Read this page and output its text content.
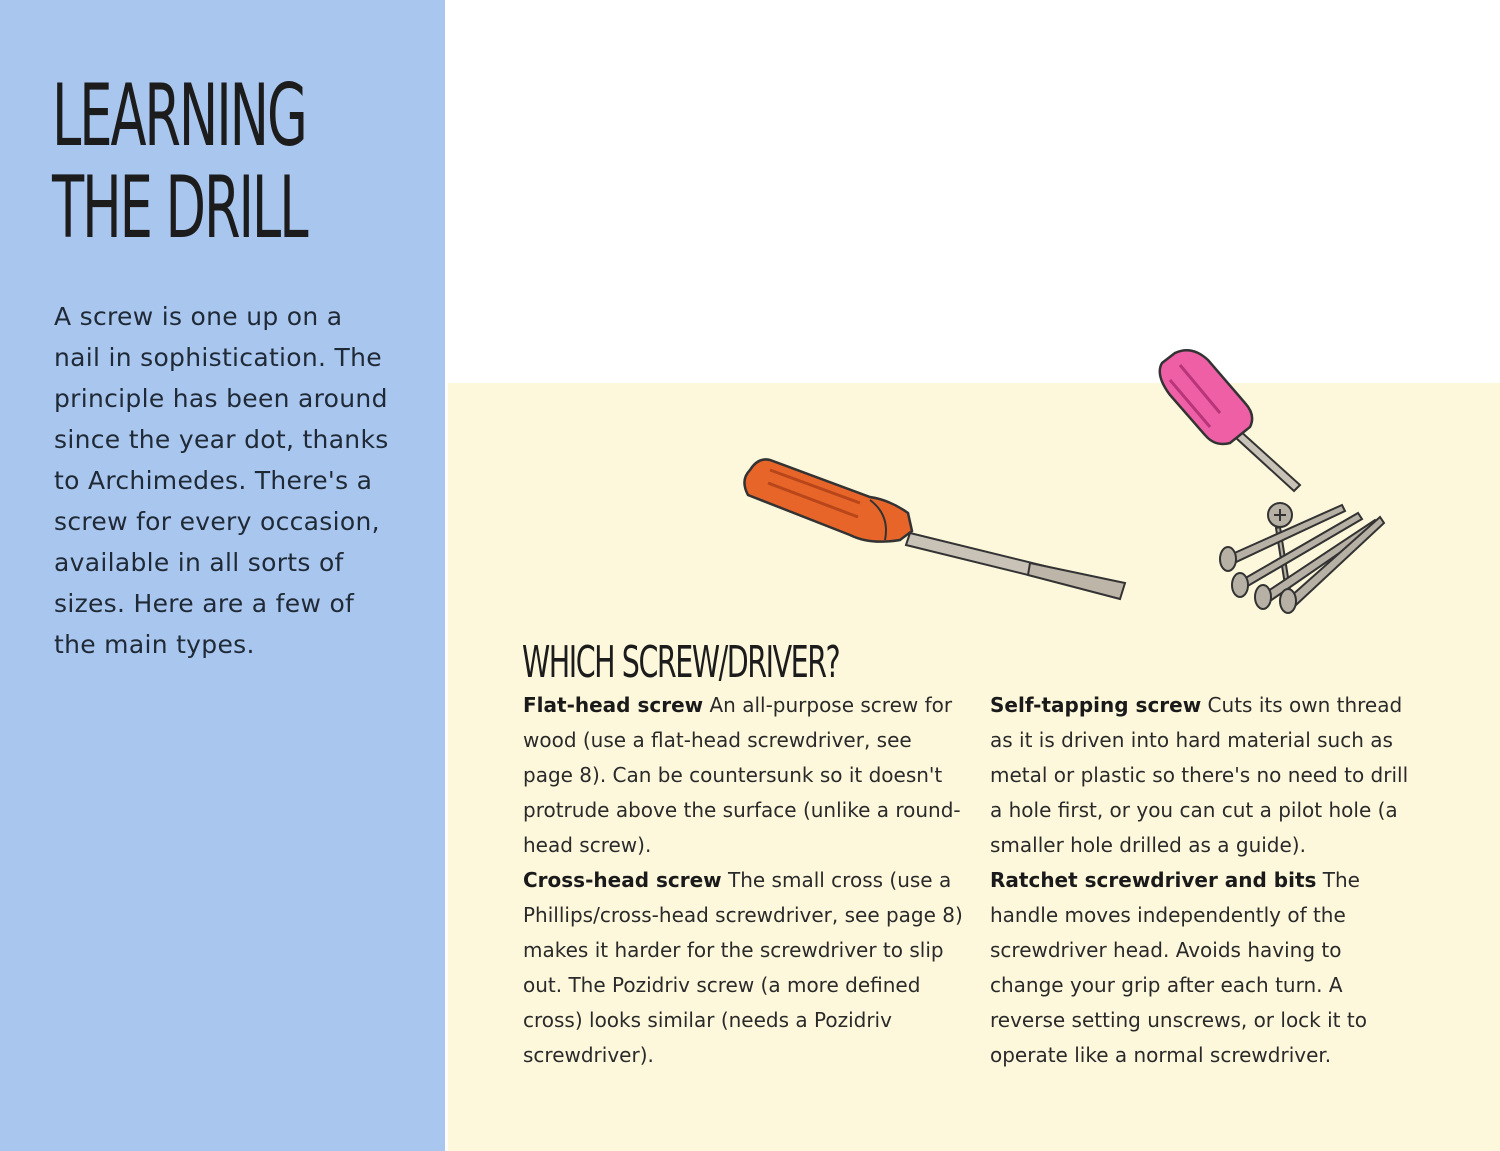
LEARNING
THE DRILL

A screw is one up on a nail in sophistication. The principle has been around since the year dot, thanks to Archimedes. There's a screw for every occasion, available in all sorts of sizes. Here are a few of the main types.	WHICH SCREW/DRIVER?

Flat-head screw An all-purpose screw for wood (use a flat-head screwdriver, see page 8). Can be countersunk so it doesn't protrude above the surface (unlike a round-head screw).

Cross-head screw The small cross (use a Phillips/cross-head screwdriver, see page 8) makes it harder for the screwdriver to slip out. The Pozidriv screw (a more defined cross) looks similar (needs a Pozidriv screwdriver).

Self-tapping screw Cuts its own thread as it is driven into hard material such as metal or plastic so there's no need to drill a hole first, or you can cut a pilot hole (a smaller hole drilled as a guide).

Ratchet screwdriver and bits The handle moves independently of the screwdriver head. Avoids having to change your grip after each turn. A reverse setting unscrews, or lock it to operate like a normal screwdriver.
